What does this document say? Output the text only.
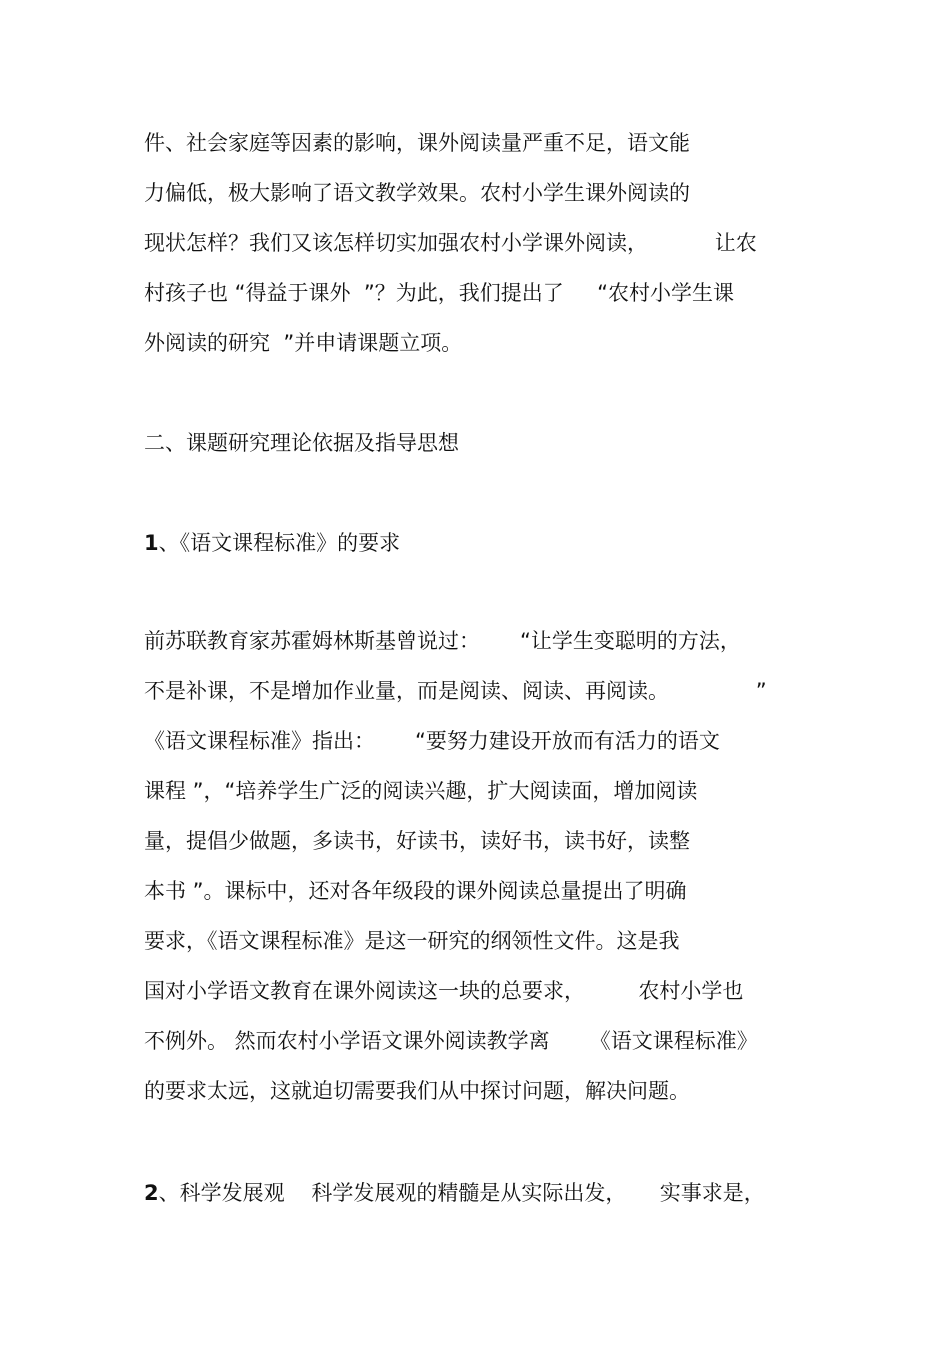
件、社会家庭等因素的影响，课外阅读量严重不足，语文能

力偏低，极大影响了语文教学效果。农村小学生课外阅读的

现状怎样？我们又该怎样切实加强农村小学课外阅读，          让农

村孩子也 “得益于课外  ”？为此，我们提出了     “农村小学生课

外阅读的研究  ”并申请课题立项。

二、课题研究理论依据及指导思想

1、《语文课程标准》的要求

前苏联教育家苏霍姆林斯基曾说过：      “让学生变聪明的方法，

不是补课，不是增加作业量，而是阅读、阅读、再阅读。             ”

《语文课程标准》指出：      “要努力建设开放而有活力的语文

课程 ”，“培养学生广泛的阅读兴趣，扩大阅读面，增加阅读

量，提倡少做题，多读书，好读书，读好书，读书好，读整

本书 ”。课标中，还对各年级段的课外阅读总量提出了明确

要求，《语文课程标准》是这一研究的纲领性文件。这是我

国对小学语文教育在课外阅读这一块的总要求，        农村小学也

不例外。 然而农村小学语文课外阅读教学离      《语文课程标准》

的要求太远，这就迫切需要我们从中探讨问题，解决问题。

2、科学发展观    科学发展观的精髓是从实际出发，     实事求是，
